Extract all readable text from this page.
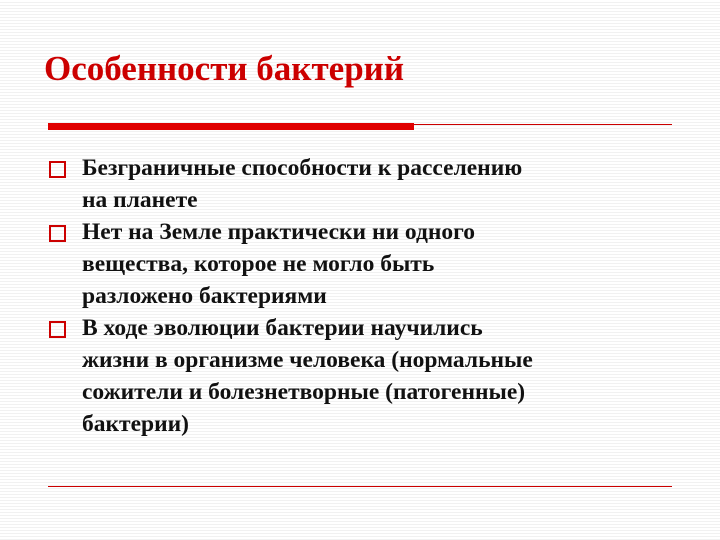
Особенности бактерий
Безграничные способности к расселению
на планете
Нет на Земле практически ни одного
вещества, которое не могло быть
разложено бактериями
В ходе эволюции бактерии научились
жизни в организме человека (нормальные
сожители и болезнетворные (патогенные)
бактерии)
